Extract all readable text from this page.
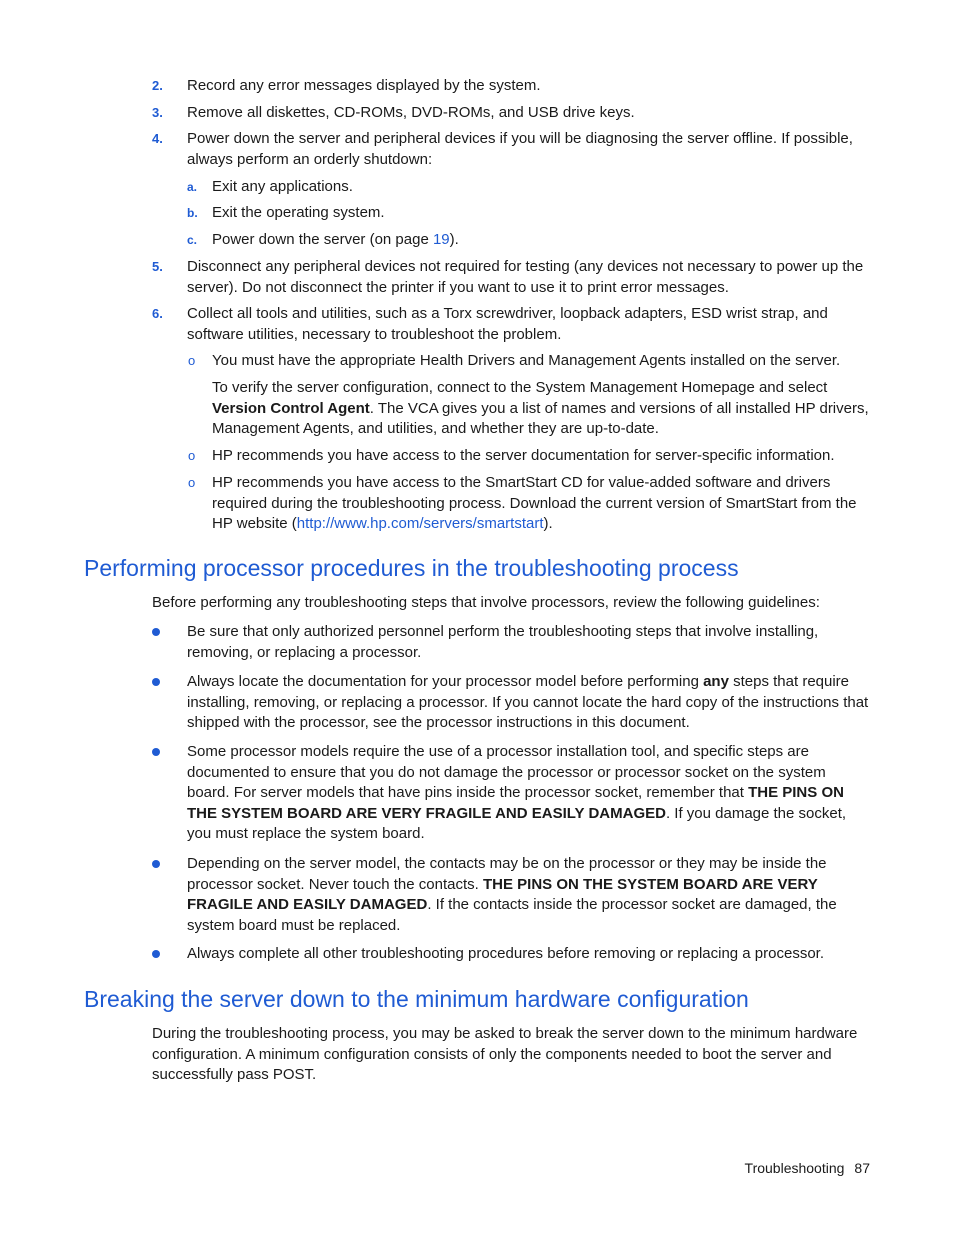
2. Record any error messages displayed by the system.
3. Remove all diskettes, CD-ROMs, DVD-ROMs, and USB drive keys.
4. Power down the server and peripheral devices if you will be diagnosing the server offline. If possible, always perform an orderly shutdown:
a. Exit any applications.
b. Exit the operating system.
c. Power down the server (on page 19).
5. Disconnect any peripheral devices not required for testing (any devices not necessary to power up the server). Do not disconnect the printer if you want to use it to print error messages.
6. Collect all tools and utilities, such as a Torx screwdriver, loopback adapters, ESD wrist strap, and software utilities, necessary to troubleshoot the problem.
o You must have the appropriate Health Drivers and Management Agents installed on the server.
To verify the server configuration, connect to the System Management Homepage and select Version Control Agent. The VCA gives you a list of names and versions of all installed HP drivers, Management Agents, and utilities, and whether they are up-to-date.
o HP recommends you have access to the server documentation for server-specific information.
o HP recommends you have access to the SmartStart CD for value-added software and drivers required during the troubleshooting process. Download the current version of SmartStart from the HP website (http://www.hp.com/servers/smartstart).
Performing processor procedures in the troubleshooting process
Before performing any troubleshooting steps that involve processors, review the following guidelines:
Be sure that only authorized personnel perform the troubleshooting steps that involve installing, removing, or replacing a processor.
Always locate the documentation for your processor model before performing any steps that require installing, removing, or replacing a processor. If you cannot locate the hard copy of the instructions that shipped with the processor, see the processor instructions in this document.
Some processor models require the use of a processor installation tool, and specific steps are documented to ensure that you do not damage the processor or processor socket on the system board. For server models that have pins inside the processor socket, remember that THE PINS ON THE SYSTEM BOARD ARE VERY FRAGILE AND EASILY DAMAGED. If you damage the socket, you must replace the system board.
Depending on the server model, the contacts may be on the processor or they may be inside the processor socket. Never touch the contacts. THE PINS ON THE SYSTEM BOARD ARE VERY FRAGILE AND EASILY DAMAGED. If the contacts inside the processor socket are damaged, the system board must be replaced.
Always complete all other troubleshooting procedures before removing or replacing a processor.
Breaking the server down to the minimum hardware configuration
During the troubleshooting process, you may be asked to break the server down to the minimum hardware configuration. A minimum configuration consists of only the components needed to boot the server and successfully pass POST.
Troubleshooting 87
